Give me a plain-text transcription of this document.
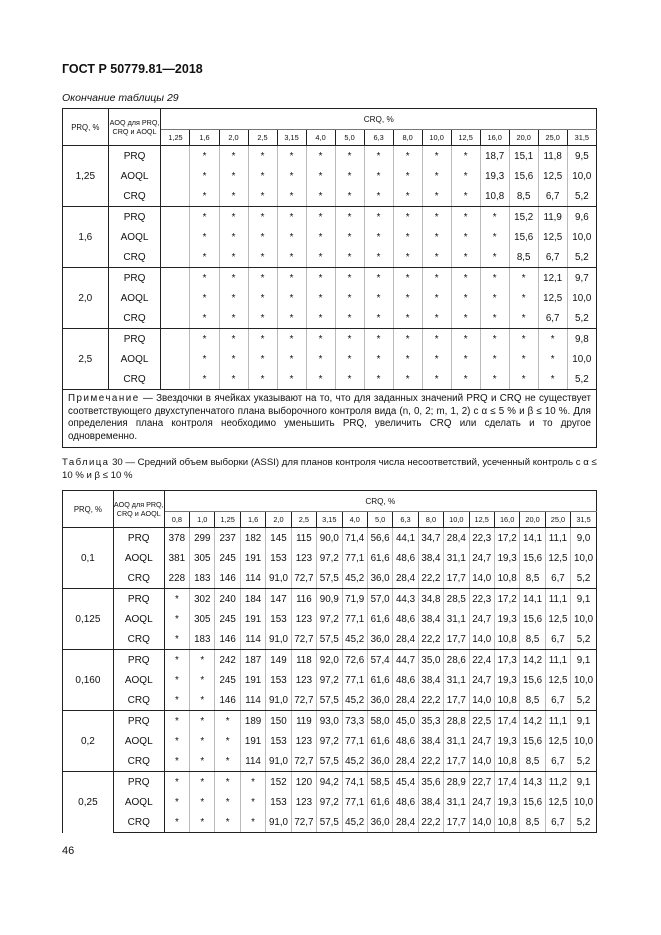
ГОСТ Р 50779.81—2018
Окончание таблицы 29
PRQ, %	AOQ для PRQ, CRQ и AOQL	CRQ, %														
		1,25	1,6	2,0	2,5	3,15	4,0	5,0	6,3	8,0	10,0	12,5	16,0	20,0	25,0	31,5
1,25	PRQ		*	*	*	*	*	*	*	*	*	*	18,7	15,1	11,8	9,5
	AOQL		*	*	*	*	*	*	*	*	*	*	19,3	15,6	12,5	10,0
	CRQ		*	*	*	*	*	*	*	*	*	*	10,8	8,5	6,7	5,2
1,6	PRQ		*	*	*	*	*	*	*	*	*	*	*	15,2	11,9	9,6
	AOQL		*	*	*	*	*	*	*	*	*	*	*	15,6	12,5	10,0
	CRQ		*	*	*	*	*	*	*	*	*	*	*	8,5	6,7	5,2
2,0	PRQ		*	*	*	*	*	*	*	*	*	*	*	*	12,1	9,7
	AOQL		*	*	*	*	*	*	*	*	*	*	*	*	12,5	10,0
	CRQ		*	*	*	*	*	*	*	*	*	*	*	*	6,7	5,2
2,5	PRQ		*	*	*	*	*	*	*	*	*	*	*	*	*	9,8
	AOQL		*	*	*	*	*	*	*	*	*	*	*	*	*	10,0
	CRQ		*	*	*	*	*	*	*	*	*	*	*	*	*	5,2
Примечание — Звездочки в ячейках указывают на то, что для заданных значений PRQ и CRQ не существует соответствующего двухступенчатого плана выборочного контроля вида (n, 0, 2; m, 1, 2) с α ≤ 5 % и β ≤ 10 %. Для определения плана контроля необходимо уменьшить PRQ, увеличить CRQ или сделать и то другое одновременно.																
Таблица 30 — Средний объем выборки (ASSI) для планов контроля числа несоответствий, усеченный контроль с α ≤ 10 % и β ≤ 10 %
PRQ, %	AOQ для PRQ, CRQ и AOQL	CRQ, %																
		0,8	1,0	1,25	1,6	2,0	2,5	3,15	4,0	5,0	6,3	8,0	10,0	12,5	16,0	20,0	25,0	31,5
0,1	PRQ	378	299	237	182	145	115	90,0	71,4	56,6	44,1	34,7	28,4	22,3	17,2	14,1	11,1	9,0
	AOQL	381	305	245	191	153	123	97,2	77,1	61,6	48,6	38,4	31,1	24,7	19,3	15,6	12,5	10,0
	CRQ	228	183	146	114	91,0	72,7	57,5	45,2	36,0	28,4	22,2	17,7	14,0	10,8	8,5	6,7	5,2
0,125	PRQ	*	302	240	184	147	116	90,9	71,9	57,0	44,3	34,8	28,5	22,3	17,2	14,1	11,1	9,1
	AOQL	*	305	245	191	153	123	97,2	77,1	61,6	48,6	38,4	31,1	24,7	19,3	15,6	12,5	10,0
	CRQ	*	183	146	114	91,0	72,7	57,5	45,2	36,0	28,4	22,2	17,7	14,0	10,8	8,5	6,7	5,2
0,160	PRQ	*	*	242	187	149	118	92,0	72,6	57,4	44,7	35,0	28,6	22,4	17,3	14,2	11,1	9,1
	AOQL	*	*	245	191	153	123	97,2	77,1	61,6	48,6	38,4	31,1	24,7	19,3	15,6	12,5	10,0
	CRQ	*	*	146	114	91,0	72,7	57,5	45,2	36,0	28,4	22,2	17,7	14,0	10,8	8,5	6,7	5,2
0,2	PRQ	*	*	*	189	150	119	93,0	73,3	58,0	45,0	35,3	28,8	22,5	17,4	14,2	11,1	9,1
	AOQL	*	*	*	191	153	123	97,2	77,1	61,6	48,6	38,4	31,1	24,7	19,3	15,6	12,5	10,0
	CRQ	*	*	*	114	91,0	72,7	57,5	45,2	36,0	28,4	22,2	17,7	14,0	10,8	8,5	6,7	5,2
0,25	PRQ	*	*	*	*	152	120	94,2	74,1	58,5	45,4	35,6	28,9	22,7	17,4	14,3	11,2	9,1
	AOQL	*	*	*	*	153	123	97,2	77,1	61,6	48,6	38,4	31,1	24,7	19,3	15,6	12,5	10,0
	CRQ	*	*	*	*	91,0	72,7	57,5	45,2	36,0	28,4	22,2	17,7	14,0	10,8	8,5	6,7	5,2
46
